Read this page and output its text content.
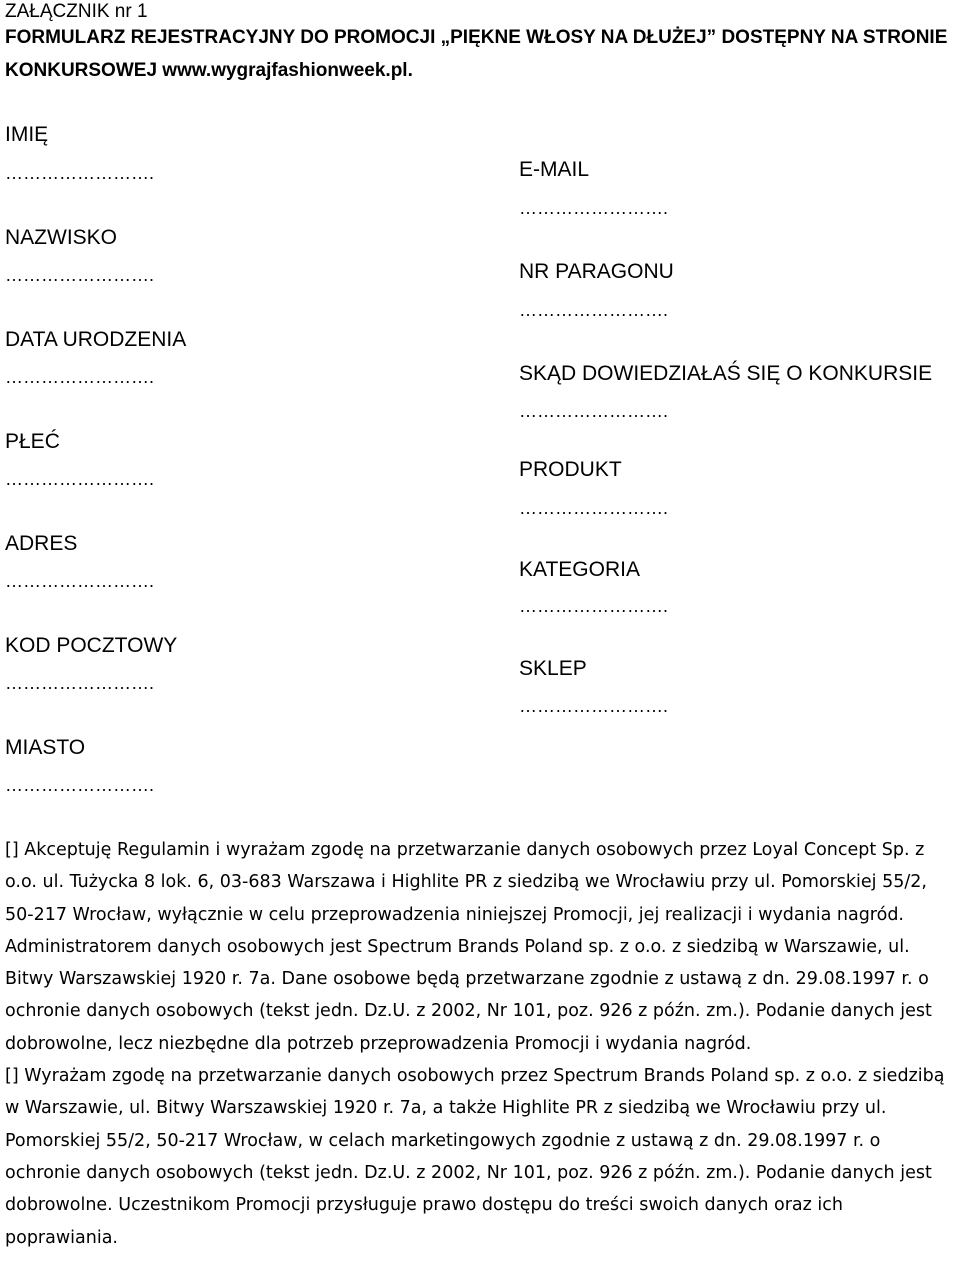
ZAŁĄCZNIK nr 1
FORMULARZ REJESTRACYJNY DO PROMOCJI „PIĘKNE WŁOSY NA DŁUŻEJ” DOSTĘPNY NA STRONIE
KONKURSOWEJ www.wygrajfashionweek.pl.
IMIĘ
…………………….
NAZWISKO
…………………….
DATA URODZENIA
…………………….
PŁEĆ
…………………….
ADRES
…………………….
KOD POCZTOWY
…………………….
MIASTO
…………………….
E-MAIL
…………………….
NR PARAGONU
…………………….
SKĄD DOWIEDZIAŁAŚ SIĘ O KONKURSIE
…………………….
PRODUKT
…………………….
KATEGORIA
…………………….
SKLEP
…………………….

[] Akceptuję Regulamin i wyrażam zgodę na przetwarzanie danych osobowych przez Loyal Concept Sp. z o.o. ul. Tużycka 8 lok. 6, 03-683 Warszawa i Highlite PR z siedzibą we Wrocławiu przy ul. Pomorskiej 55/2, 50-217 Wrocław, wyłącznie w celu przeprowadzenia niniejszej Promocji, jej realizacji i wydania nagród. Administratorem danych osobowych jest Spectrum Brands Poland sp. z o.o. z siedzibą w Warszawie, ul. Bitwy Warszawskiej 1920 r. 7a. Dane osobowe będą przetwarzane zgodnie z ustawą z dn. 29.08.1997 r. o ochronie danych osobowych (tekst jedn. Dz.U. z 2002, Nr 101, poz. 926 z późn. zm.). Podanie danych jest dobrowolne, lecz niezbędne dla potrzeb przeprowadzenia Promocji i wydania nagród.

[] Wyrażam zgodę na przetwarzanie danych osobowych przez Spectrum Brands Poland sp. z o.o. z siedzibą w Warszawie, ul. Bitwy Warszawskiej 1920 r. 7a, a także Highlite PR z siedzibą we Wrocławiu przy ul. Pomorskiej 55/2, 50-217 Wrocław, w celach marketingowych zgodnie z ustawą z dn. 29.08.1997 r. o ochronie danych osobowych (tekst jedn. Dz.U. z 2002, Nr 101, poz. 926 z późn. zm.). Podanie danych jest dobrowolne. Uczestnikom Promocji przysługuje prawo dostępu do treści swoich danych oraz ich poprawiania.
